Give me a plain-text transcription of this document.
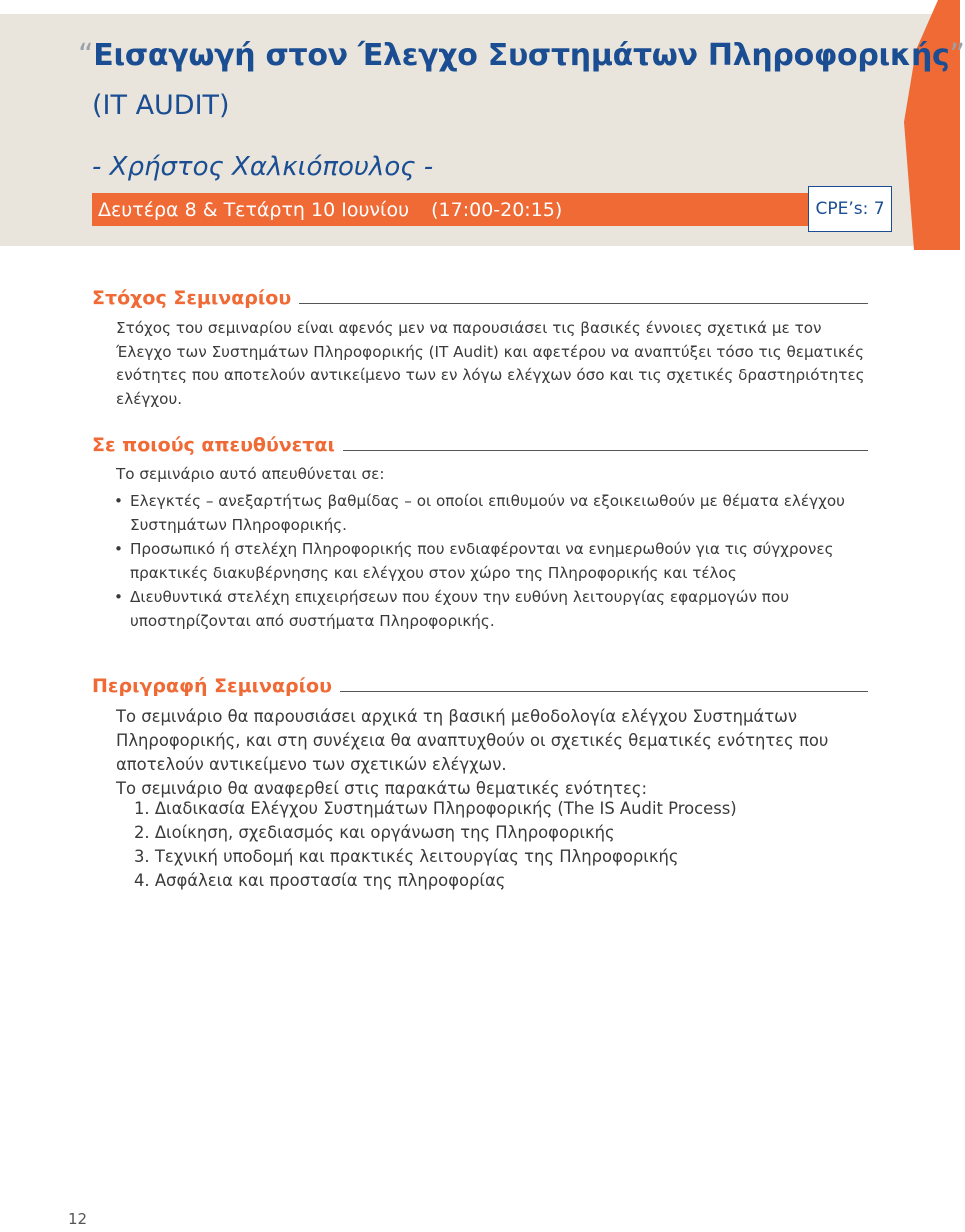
“Εισαγωγή στον Έλεγχο Συστημάτων Πληροφορικής”
(IT AUDIT)
- Χρήστος Χαλκιόπουλος -
Δευτέρα 8 & Τετάρτη 10 Ιουνίου (17:00-20:15)	CPE’s: 7
Στόχος Σεμιναρίου

Στόχος του σεμιναρίου είναι αφενός μεν να παρουσιάσει τις βασικές έννοιες σχετικά με τον Έλεγχο των Συστημάτων Πληροφορικής (IT Audit) και αφετέρου να αναπτύξει τόσο τις θεματικές ενότητες που αποτελούν αντικείμενο των εν λόγω ελέγχων όσο και τις σχετικές δραστηριότητες ελέγχου.

Σε ποιούς απευθύνεται

Το σεμινάριο αυτό απευθύνεται σε:

• Ελεγκτές – ανεξαρτήτως βαθμίδας – οι οποίοι επιθυμούν να εξοικειωθούν με θέματα ελέγχου Συστημάτων Πληροφορικής.
• Προσωπικό ή στελέχη Πληροφορικής που ενδιαφέρονται να ενημερωθούν για τις σύγχρονες πρακτικές διακυβέρνησης και ελέγχου στον χώρο της Πληροφορικής και τέλος
• Διευθυντικά στελέχη επιχειρήσεων που έχουν την ευθύνη λειτουργίας εφαρμογών που υποστηρίζονται από συστήματα Πληροφορικής.
Περιγραφή Σεμιναρίου

Το σεμινάριο θα παρουσιάσει αρχικά τη βασική μεθοδολογία ελέγχου Συστημάτων Πληροφορικής, και στη συνέχεια θα αναπτυχθούν οι σχετικές θεματικές ενότητες που αποτελούν αντικείμενο των σχετικών ελέγχων.

Το σεμινάριο θα αναφερθεί στις παρακάτω θεματικές ενότητες:

1. Διαδικασία Ελέγχου Συστημάτων Πληροφορικής (The IS Audit Process)
2. Διοίκηση, σχεδιασμός και οργάνωση της Πληροφορικής
3. Τεχνική υποδομή και πρακτικές λειτουργίας της Πληροφορικής
4. Ασφάλεια και προστασία της πληροφορίας
12
